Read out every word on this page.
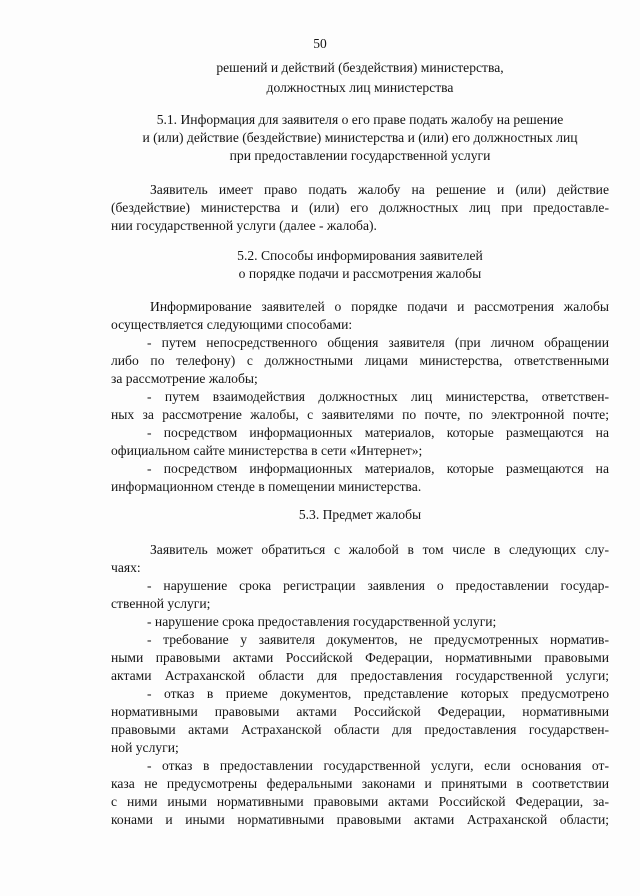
50
решений и действий (бездействия) министерства,
должностных лиц министерства
5.1. Информация для заявителя о его праве подать жалобу на решение
и (или) действие (бездействие) министерства и (или) его должностных лиц
при предоставлении государственной услуги
Заявитель имеет право подать жалобу на решение и (или) действие
(бездействие) министерства и (или) его должностных лиц при предоставле-
нии государственной услуги (далее - жалоба).
5.2. Способы информирования заявителей
о порядке подачи и рассмотрения жалобы
Информирование заявителей о порядке подачи и рассмотрения жалобы
осуществляется следующими способами:
- путем непосредственного общения заявителя (при личном обращении
либо по телефону) с должностными лицами министерства, ответственными
за рассмотрение жалобы;
- путем взаимодействия должностных лиц министерства, ответствен-
ных за рассмотрение жалобы, с заявителями по почте, по электронной почте;
- посредством информационных материалов, которые размещаются на
официальном сайте министерства в сети «Интернет»;
- посредством информационных материалов, которые размещаются на
информационном стенде в помещении министерства.
5.3. Предмет жалобы
Заявитель может обратиться с жалобой в том числе в следующих слу-
чаях:
- нарушение срока регистрации заявления о предоставлении государ-
ственной услуги;
- нарушение срока предоставления государственной услуги;
- требование у заявителя документов, не предусмотренных норматив-
ными правовыми актами Российской Федерации, нормативными правовыми
актами Астраханской области для предоставления государственной услуги;
- отказ в приеме документов, представление которых предусмотрено
нормативными правовыми актами Российской Федерации, нормативными
правовыми актами Астраханской области для предоставления государствен-
ной услуги;
- отказ в предоставлении государственной услуги, если основания от-
каза не предусмотрены федеральными законами и принятыми в соответствии
с ними иными нормативными правовыми актами Российской Федерации, за-
конами и иными нормативными правовыми актами Астраханской области;
